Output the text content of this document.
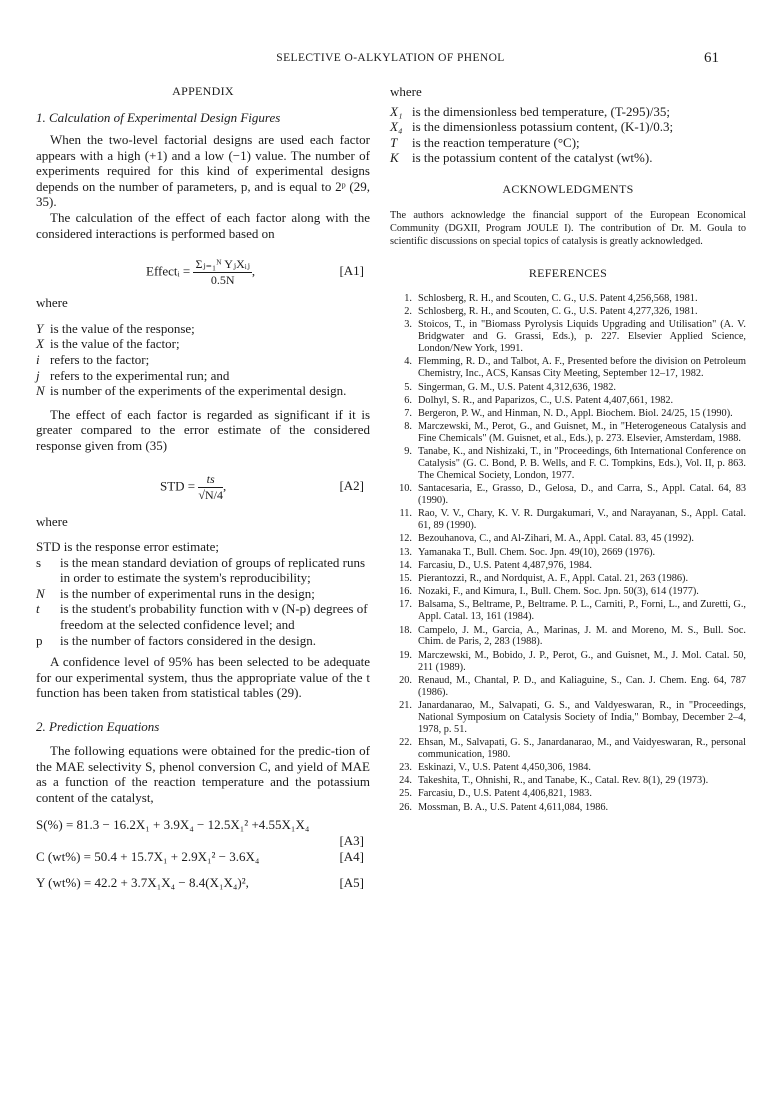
SELECTIVE O-ALKYLATION OF PHENOL	61
APPENDIX
1. Calculation of Experimental Design Figures

When the two-level factorial designs are used each factor appears with a high (+1) and a low (−1) value. The number of experiments required for this kind of experimental designs depends on the number of parameters, p, and is equal to 2ᵖ (29, 35).

The calculation of the effect of each factor along with the considered interactions is performed based on

Effectᵢ = $\frac{\text{Σⱼ₌₁ᴺ YⱼXᵢⱼ}}{0.5N}$ ,	[A1]

where

Y is the value of the response;
X is the value of the factor;
i refers to the factor;
j refers to the experimental run; and
N is number of the experiments of the experimental design.

The effect of each factor is regarded as significant if it is greater compared to the error estimate of the considered response given from (35)

STD = $\frac{ts}{√N/4}$ ,	[A2]

where

STD is the response error estimate;

s	is the mean standard deviation of groups of replicated runs in order to estimate the system's reproducibility;
N	is the number of experimental runs in the design;
t	is the student's probability function with ν (N-p) degrees of freedom at the selected confidence level; and
p	is the number of factors considered in the design.

A confidence level of 95% has been selected to be adequate for our experimental system, thus the appropriate value of the t function has been taken from statistical tables (29).

2. Prediction Equations

The following equations were obtained for the predic-tion of the MAE selectivity S, phenol conversion C, and yield of MAE as a function of the reaction temperature and the potassium content of the catalyst,

S(%) = 81.3 − 16.2X₁ + 3.9X₄ − 12.5X₁² +4.55X₁X₄
[A3]
C (wt%) = 50.4 + 15.7X₁ + 2.9X₁² − 3.6X₄	[A4]
Y (wt%) = 42.2 + 3.7X₁X₄ − 8.4(X₁X₄)²,	[A5]

where

X₁ is the dimensionless bed temperature, (T-295)/35;
X₄ is the dimensionless potassium content, (K-1)/0.3;
T	is the reaction temperature (°C);
K	is the potassium content of the catalyst (wt%).
ACKNOWLEDGMENTS

The authors acknowledge the financial support of the European Economical Community (DGXII, Program JOULE I). The contribution of Dr. M. Goula to scientific discussions on special topics of catalysis is greatly acknowledged.

REFERENCES
1. Schlosberg, R. H., and Scouten, C. G., U.S. Patent 4,256,568, 1981.
2. Schlosberg, R. H., and Scouten, C. G., U.S. Patent 4,277,326, 1981.
3. Stoicos, T., in "Biomass Pyrolysis Liquids Upgrading and Utilisation" (A. V. Bridgwater and G. Grassi, Eds.), p. 227. Elsevier Applied Science, London/New York, 1991.
4. Flemming, R. D., and Talbot, A. F., Presented before the division on Petroleum Chemistry, Inc., ACS, Kansas City Meeting, September 12–17, 1982.
5. Singerman, G. M., U.S. Patent 4,312,636, 1982.
6. Dolhyl, S. R., and Paparizos, C., U.S. Patent 4,407,661, 1982.
7. Bergeron, P. W., and Hinman, N. D., Appl. Biochem. Biol. 24/25, 15 (1990).
8. Marczewski, M., Perot, G., and Guisnet, M., in "Heterogeneous Catalysis and Fine Chemicals" (M. Guisnet, et al., Eds.), p. 273. Elsevier, Amsterdam, 1988.
9. Tanabe, K., and Nishizaki, T., in "Proceedings, 6th International Conference on Catalysis" (G. C. Bond, P. B. Wells, and F. C. Tompkins, Eds.), Vol. II, p. 863. The Chemical Society, London, 1977.
10. Santacesaria, E., Grasso, D., Gelosa, D., and Carra, S., Appl. Catal. 64, 83 (1990).
11. Rao, V. V., Chary, K. V. R. Durgakumari, V., and Narayanan, S., Appl. Catal. 61, 89 (1990).
12. Bezouhanova, C., and Al-Zihari, M. A., Appl. Catal. 83, 45 (1992).
13. Yamanaka T., Bull. Chem. Soc. Jpn. 49(10), 2669 (1976).
14. Farcasiu, D., U.S. Patent 4,487,976, 1984.
15. Pierantozzi, R., and Nordquist, A. F., Appl. Catal. 21, 263 (1986).
16. Nozaki, F., and Kimura, I., Bull. Chem. Soc. Jpn. 50(3), 614 (1977).
17. Balsama, S., Beltrame, P., Beltrame. P. L., Carniti, P., Forni, L., and Zuretti, G., Appl. Catal. 13, 161 (1984).
18. Campelo, J. M., Garcia, A., Marinas, J. M. and Moreno, M. S., Bull. Soc. Chim. de Paris, 2, 283 (1988).
19. Marczewski, M., Bobido, J. P., Perot, G., and Guisnet, M., J. Mol. Catal. 50, 211 (1989).
20. Renaud, M., Chantal, P. D., and Kaliaguine, S., Can. J. Chem. Eng. 64, 787 (1986).
21. Janardanarao, M., Salvapati, G. S., and Valdyeswaran, R., in "Proceedings, National Symposium on Catalysis Society of India," Bombay, December 2–4, 1978, p. 51.
22. Ehsan, M., Salvapati, G. S., Janardanarao, M., and Vaidyeswaran, R., personal communication, 1980.
23. Eskinazi, V., U.S. Patent 4,450,306, 1984.
24. Takeshita, T., Ohnishi, R., and Tanabe, K., Catal. Rev. 8(1), 29 (1973).
25. Farcasiu, D., U.S. Patent 4,406,821, 1983.
26. Mossman, B. A., U.S. Patent 4,611,084, 1986.
